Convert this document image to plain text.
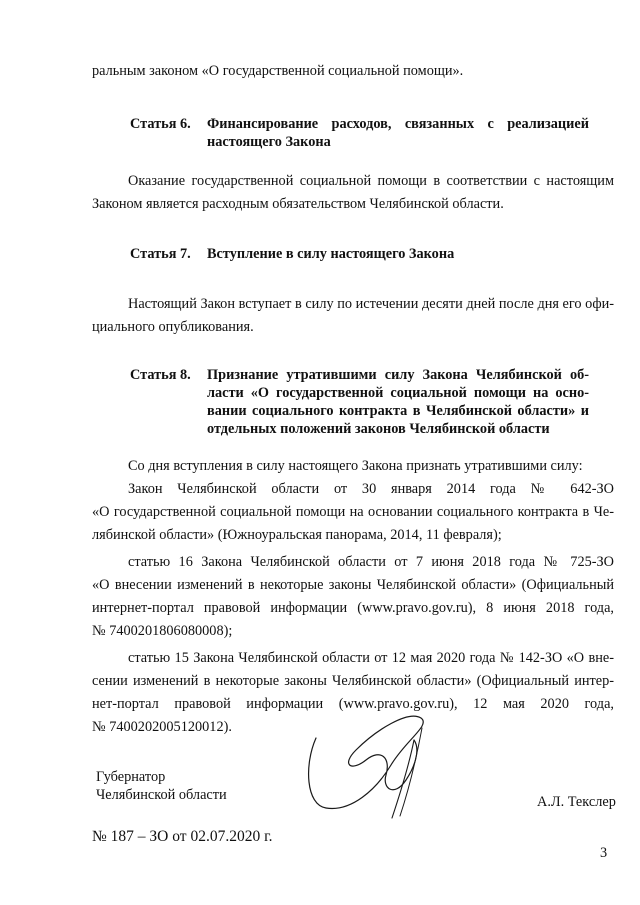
ральным законом «О государственной социальной помощи».
Статья 6. Финансирование расходов, связанных с реализацией
настоящего Закона
Оказание государственной социальной помощи в соответствии с настоящим
Законом является расходным обязательством Челябинской области.
Статья 7. Вступление в силу настоящего Закона
Настоящий Закон вступает в силу по истечении десяти дней после дня его офи-
циального опубликования.
Статья 8. Признание утратившими силу Закона Челябинской об-
ласти «О государственной социальной помощи на осно-
вании социального контракта в Челябинской области» и
отдельных положений законов Челябинской области
Со дня вступления в силу настоящего Закона признать утратившими силу:
Закон Челябинской области от 30 января 2014 года № 642-ЗО
«О государственной социальной помощи на основании социального контракта в Че-
лябинской области» (Южноуральская панорама, 2014, 11 февраля);
статью 16 Закона Челябинской области от 7 июня 2018 года № 725-ЗО
«О внесении изменений в некоторые законы Челябинской области» (Официальный
интернет-портал правовой информации (www.pravo.gov.ru), 8 июня 2018 года,
№ 7400201806080008);
статью 15 Закона Челябинской области от 12 мая 2020 года № 142-ЗО «О вне-
сении изменений в некоторые законы Челябинской области» (Официальный интер-
нет-портал правовой информации (www.pravo.gov.ru), 12 мая 2020 года,
№ 7400202005120012).
Губернатор
Челябинской области	А.Л. Текслер
№ 187 – ЗО от 02.07.2020 г.
3
